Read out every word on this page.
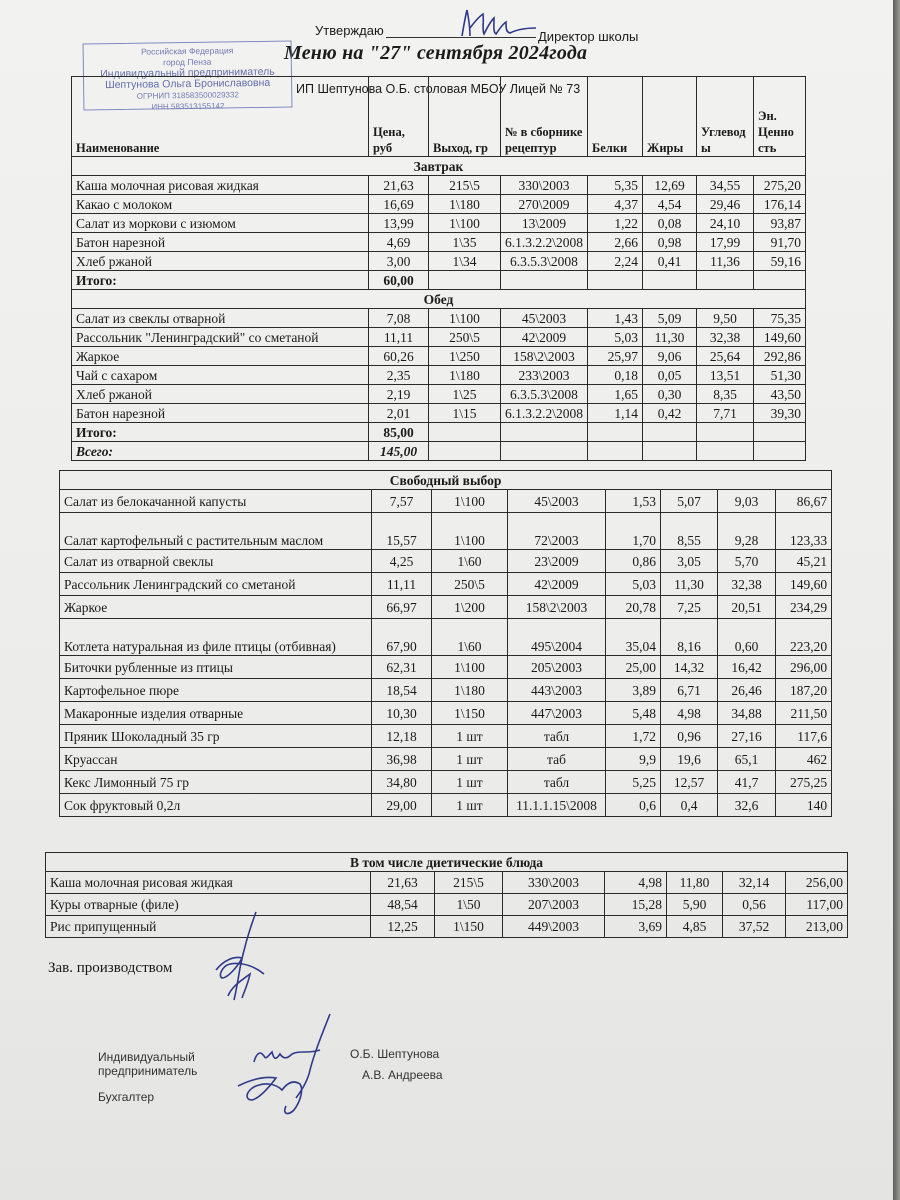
Утверждаю	Директор школы
Меню на "27" сентября 2024года
Российская Федерация
город Пенза
Индивидуальный предприниматель
Шептунова Ольга Брониславовна
ОГРНИП 318583500029332
ИНН 583513155142
ИП Шептунова О.Б. столовая МБОУ Лицей № 73
Наименование	Цена, руб	Выход, гр	№ в сборнике рецептур	Белки	Жиры	Углевод ы	Эн. Ценно сть
Завтрак							
Каша молочная рисовая жидкая	21,63	215\5	330\2003	5,35	12,69	34,55	275,20
Какао с молоком	16,69	1\180	270\2009	4,37	4,54	29,46	176,14
Салат из моркови с изюмом	13,99	1\100	13\2009	1,22	0,08	24,10	93,87
Батон нарезной	4,69	1\35	6.1.3.2.2\2008	2,66	0,98	17,99	91,70
Хлеб ржаной	3,00	1\34	6.3.5.3\2008	2,24	0,41	11,36	59,16
Итого:	60,00						
Обед							
Салат из свеклы отварной	7,08	1\100	45\2003	1,43	5,09	9,50	75,35
Рассольник "Ленинградский" со сметаной	11,11	250\5	42\2009	5,03	11,30	32,38	149,60
Жаркое	60,26	1\250	158\2\2003	25,97	9,06	25,64	292,86
Чай с сахаром	2,35	1\180	233\2003	0,18	0,05	13,51	51,30
Хлеб ржаной	2,19	1\25	6.3.5.3\2008	1,65	0,30	8,35	43,50
Батон нарезной	2,01	1\15	6.1.3.2.2\2008	1,14	0,42	7,71	39,30
Итого:	85,00						
Всего:	145,00						
Свободный выбор							
Салат из белокачанной капусты	7,57	1\100	45\2003	1,53	5,07	9,03	86,67
Салат картофельный с растительным маслом	15,57	1\100	72\2003	1,70	8,55	9,28	123,33
Салат из отварной свеклы	4,25	1\60	23\2009	0,86	3,05	5,70	45,21
Рассольник Ленинградский со сметаной	11,11	250\5	42\2009	5,03	11,30	32,38	149,60
Жаркое	66,97	1\200	158\2\2003	20,78	7,25	20,51	234,29
Котлета натуральная из филе птицы (отбивная)	67,90	1\60	495\2004	35,04	8,16	0,60	223,20
Биточки рубленные из птицы	62,31	1\100	205\2003	25,00	14,32	16,42	296,00
Картофельное пюре	18,54	1\180	443\2003	3,89	6,71	26,46	187,20
Макаронные изделия отварные	10,30	1\150	447\2003	5,48	4,98	34,88	211,50
Пряник Шоколадный 35 гр	12,18	1 шт	табл	1,72	0,96	27,16	117,6
Круассан	36,98	1 шт	таб	9,9	19,6	65,1	462
Кекс Лимонный 75 гр	34,80	1 шт	табл	5,25	12,57	41,7	275,25
Сок фруктовый 0,2л	29,00	1 шт	11.1.1.15\2008	0,6	0,4	32,6	140
В том числе диетические блюда							
Каша молочная рисовая жидкая	21,63	215\5	330\2003	4,98	11,80	32,14	256,00
Куры отварные (филе)	48,54	1\50	207\2003	15,28	5,90	0,56	117,00
Рис припущенный	12,25	1\150	449\2003	3,69	4,85	37,52	213,00
Зав. производством
Индивидуальный
предприниматель
Бухгалтер
О.Б. Шептунова
А.В. Андреева
